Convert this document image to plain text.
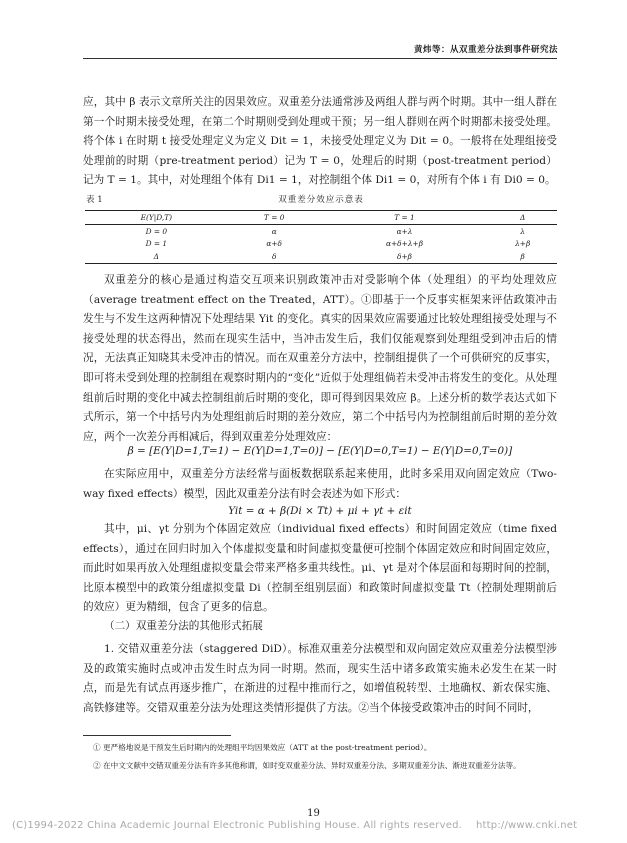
黄炜等：从双重差分法到事件研究法

应，其中 β 表示文章所关注的因果效应。双重差分法通常涉及两组人群与两个时期。其中一组人群在第一个时期未接受处理，在第二个时期则受到处理或干预；另一组人群则在两个时期都未接受处理。将个体 i 在时期 t 接受处理定义为定义 Dit = 1，未接受处理定义为 Dit = 0。一般将在处理组接受处理前的时期（pre-treatment period）记为 T = 0，处理后的时期（post-treatment period）记为 T = 1。其中，对处理组个体有 Di1 = 1，对控制组个体 Di1 = 0，对所有个体 i 有 Di0 = 0。

表 1	双重差分效应示意表
E(Y|D,T)	T = 0	T = 1	Δ
D = 0	α	α+λ	λ
D = 1	α+δ	α+δ+λ+β	λ+β
Δ	δ	δ+β	β

双重差分的核心是通过构造交互项来识别政策冲击对受影响个体（处理组）的平均处理效应（average treatment effect on the Treated，ATT）。①即基于一个反事实框架来评估政策冲击发生与不发生这两种情况下处理结果 Yit 的变化。真实的因果效应需要通过比较处理组接受处理与不接受处理的状态得出，然而在现实生活中，当冲击发生后，我们仅能观察到处理组受到冲击后的情况，无法真正知晓其未受冲击的情况。而在双重差分方法中，控制组提供了一个可供研究的反事实，即可将未受到处理的控制组在观察时期内的“变化”近似于处理组倘若未受冲击将发生的变化。从处理组前后时期的变化中减去控制组前后时期的变化，即可得到因果效应 β。上述分析的数学表达式如下式所示，第一个中括号内为处理组前后时期的差分效应，第二个中括号内为控制组前后时期的差分效应，两个一次差分再相减后，得到双重差分处理效应：

β = [E(Y|D=1,T=1) − E(Y|D=1,T=0)] − [E(Y|D=0,T=1) − E(Y|D=0,T=0)]

在实际应用中，双重差分方法经常与面板数据联系起来使用，此时多采用双向固定效应（Two-way fixed effects）模型，因此双重差分法有时会表述为如下形式：

Yit = α + β(Di × Tt) + μi + γt + εit

其中，μi、γt 分别为个体固定效应（individual fixed effects）和时间固定效应（time fixed effects），通过在回归时加入个体虚拟变量和时间虚拟变量便可控制个体固定效应和时间固定效应，而此时如果再放入处理组虚拟变量会带来严格多重共线性。μi、γt 是对个体层面和每期时间的控制，比原本模型中的政策分组虚拟变量 Di（控制至组别层面）和政策时间虚拟变量 Tt（控制处理期前后的效应）更为精细，包含了更多的信息。

（二）双重差分法的其他形式拓展

1. 交错双重差分法（staggered DiD）。标准双重差分法模型和双向固定效应双重差分法模型涉及的政策实施时点或冲击发生时点为同一时期。然而，现实生活中诸多政策实施未必发生在某一时点，而是先有试点再逐步推广，在渐进的过程中推而行之，如增值税转型、土地确权、新农保实施、高铁修建等。交错双重差分法为处理这类情形提供了方法。②当个体接受政策冲击的时间不同时，

① 更严格地说是干预发生后时期内的处理组平均因果效应（ATT at the post-treatment period）。

② 在中文文献中交错双重差分法有许多其他称谓，如时变双重差分法、异时双重差分法、多期双重差分法、渐进双重差分法等。

19
(C)1994-2022 China Academic Journal Electronic Publishing House. All rights reserved. http://www.cnki.net
